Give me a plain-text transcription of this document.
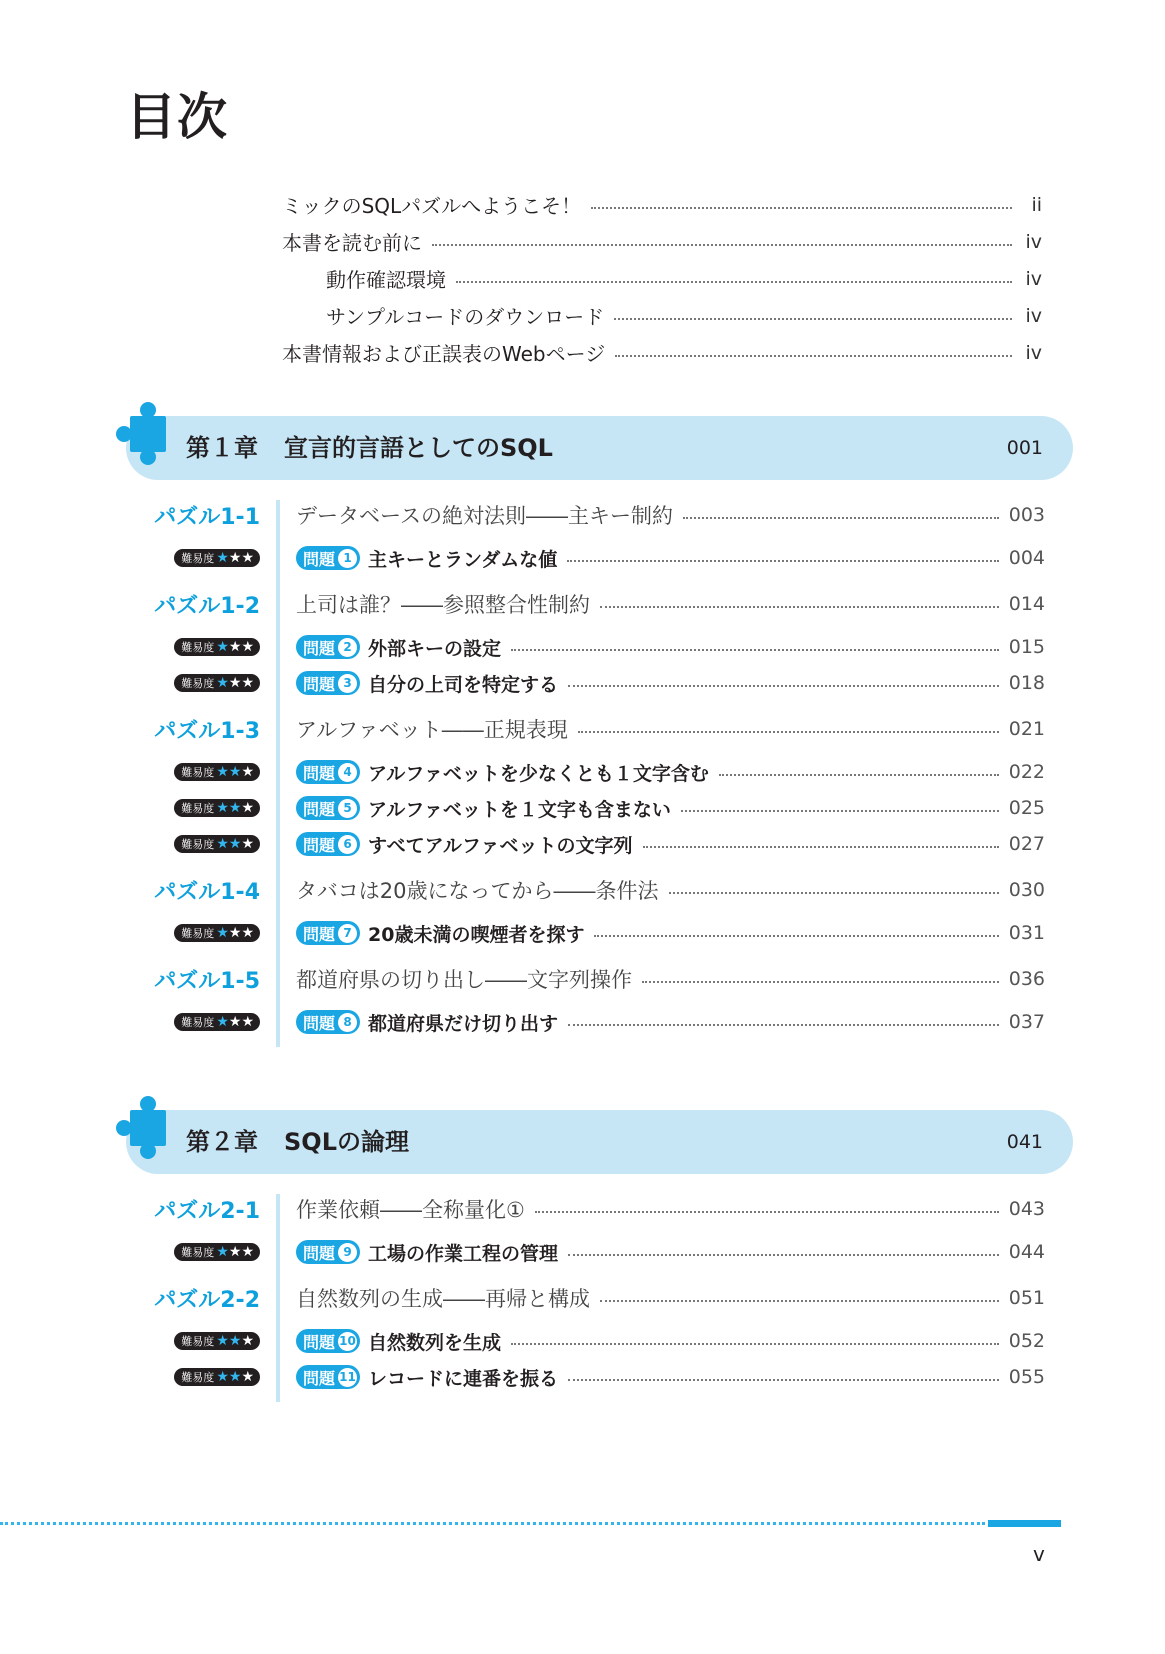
目次
ミックのSQLパズルへようこそ！	ii
本書を読む前に	iv
動作確認環境	iv
サンプルコードのダウンロード	iv
本書情報および正誤表のWebページ	iv
第１章 宣言的言語としてのSQL	001
パズル1-1 データベースの絶対法則――主キー制約	003
難易度 ★ ★ ★	問題 1 主キーとランダムな値	004
パズル1-2 上司は誰？――参照整合性制約	014
難易度 ★ ★ ★	問題 2 外部キーの設定	015
難易度 ★ ★ ★	問題 3 自分の上司を特定する	018
パズル1-3 アルファベット――正規表現	021
難易度 ★ ★ ★	問題 4 アルファベットを少なくとも１文字含む	022
難易度 ★ ★ ★	問題 5 アルファベットを１文字も含まない	025
難易度 ★ ★ ★	問題 6 すべてアルファベットの文字列	027
パズル1-4 タバコは20歳になってから――条件法	030
難易度 ★ ★ ★	問題 7 20歳未満の喫煙者を探す	031
パズル1-5 都道府県の切り出し――文字列操作	036
難易度 ★ ★ ★	問題 8 都道府県だけ切り出す	037
第２章 SQLの論理	041
パズル2-1 作業依頼――全称量化①	043
難易度 ★ ★ ★	問題 9 工場の作業工程の管理	044
パズル2-2 自然数列の生成――再帰と構成	051
難易度 ★ ★ ★	問題 10 自然数列を生成	052
難易度 ★ ★ ★	問題 11 レコードに連番を振る	055
v
